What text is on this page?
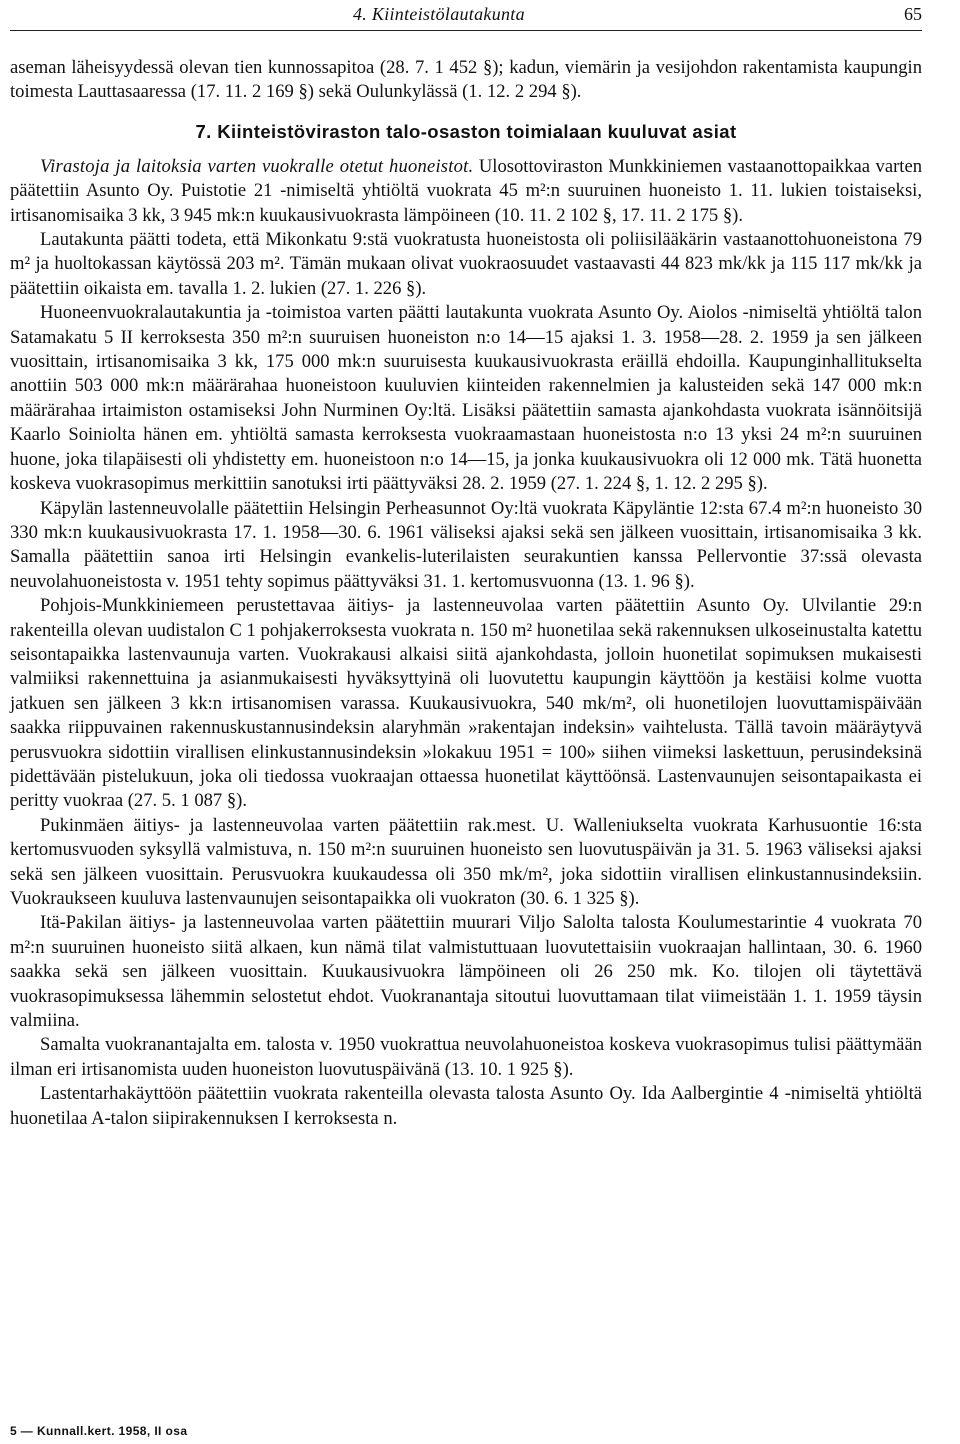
4. Kiinteistölautakunta	65

aseman läheisyydessä olevan tien kunnossapitoa (28. 7. 1 452 §); kadun, viemärin ja vesijohdon rakentamista kaupungin toimesta Lauttasaaressa (17. 11. 2 169 §) sekä Oulunkylässä (1. 12. 2 294 §).

7. Kiinteistöviraston talo-osaston toimialaan kuuluvat asiat

Virastoja ja laitoksia varten vuokralle otetut huoneistot. Ulosottoviraston Munkkiniemen vastaanottopaikkaa varten päätettiin Asunto Oy. Puistotie 21 -nimiseltä yhtiöltä vuokrata 45 m²:n suuruinen huoneisto 1. 11. lukien toistaiseksi, irtisanomisaika 3 kk, 3 945 mk:n kuukausivuokrasta lämpöineen (10. 11. 2 102 §, 17. 11. 2 175 §).

Lautakunta päätti todeta, että Mikonkatu 9:stä vuokratusta huoneistosta oli poliisilääkärin vastaanottohuoneistona 79 m² ja huoltokassan käytössä 203 m². Tämän mukaan olivat vuokraosuudet vastaavasti 44 823 mk/kk ja 115 117 mk/kk ja päätettiin oikaista em. tavalla 1. 2. lukien (27. 1. 226 §).

Huoneenvuokralautakuntia ja -toimistoa varten päätti lautakunta vuokrata Asunto Oy. Aiolos -nimiseltä yhtiöltä talon Satamakatu 5 II kerroksesta 350 m²:n suuruisen huoneiston n:o 14—15 ajaksi 1. 3. 1958—28. 2. 1959 ja sen jälkeen vuosittain, irtisanomisaika 3 kk, 175 000 mk:n suuruisesta kuukausivuokrasta eräillä ehdoilla. Kaupunginhallitukselta anottiin 503 000 mk:n määrärahaa huoneistoon kuuluvien kiinteiden rakennelmien ja kalusteiden sekä 147 000 mk:n määrärahaa irtaimiston ostamiseksi John Nurminen Oy:ltä. Lisäksi päätettiin samasta ajankohdasta vuokrata isännöitsijä Kaarlo Soiniolta hänen em. yhtiöltä samasta kerroksesta vuokraamastaan huoneistosta n:o 13 yksi 24 m²:n suuruinen huone, joka tilapäisesti oli yhdistetty em. huoneistoon n:o 14—15, ja jonka kuukausivuokra oli 12 000 mk. Tätä huonetta koskeva vuokrasopimus merkittiin sanotuksi irti päättyväksi 28. 2. 1959 (27. 1. 224 §, 1. 12. 2 295 §).

Käpylän lastenneuvolalle päätettiin Helsingin Perheasunnot Oy:ltä vuokrata Käpyläntie 12:sta 67.4 m²:n huoneisto 30 330 mk:n kuukausivuokrasta 17. 1. 1958—30. 6. 1961 väliseksi ajaksi sekä sen jälkeen vuosittain, irtisanomisaika 3 kk. Samalla päätettiin sanoa irti Helsingin evankelis-luterilaisten seurakuntien kanssa Pellervontie 37:ssä olevasta neuvolahuoneistosta v. 1951 tehty sopimus päättyväksi 31. 1. kertomusvuonna (13. 1. 96 §).

Pohjois-Munkkiniemeen perustettavaa äitiys- ja lastenneuvolaa varten päätettiin Asunto Oy. Ulvilantie 29:n rakenteilla olevan uudistalon C 1 pohjakerroksesta vuokrata n. 150 m² huonetilaa sekä rakennuksen ulkoseinustalta katettu seisontapaikka lastenvaunuja varten. Vuokrakausi alkaisi siitä ajankohdasta, jolloin huonetilat sopimuksen mukaisesti valmiiksi rakennettuina ja asianmukaisesti hyväksyttyinä oli luovutettu kaupungin käyttöön ja kestäisi kolme vuotta jatkuen sen jälkeen 3 kk:n irtisanomisen varassa. Kuukausivuokra, 540 mk/m², oli huonetilojen luovuttamispäivään saakka riippuvainen rakennuskustannusindeksin alaryhmän »rakentajan indeksin» vaihtelusta. Tällä tavoin määräytyvä perusvuokra sidottiin virallisen elinkustannusindeksin »lokakuu 1951 = 100» siihen viimeksi laskettuun, perusindeksinä pidettävään pistelukuun, joka oli tiedossa vuokraajan ottaessa huonetilat käyttöönsä. Lastenvaunujen seisontapaikasta ei peritty vuokraa (27. 5. 1 087 §).

Pukinmäen äitiys- ja lastenneuvolaa varten päätettiin rak.mest. U. Walleniukselta vuokrata Karhusuontie 16:sta kertomusvuoden syksyllä valmistuva, n. 150 m²:n suuruinen huoneisto sen luovutuspäivän ja 31. 5. 1963 väliseksi ajaksi sekä sen jälkeen vuosittain. Perusvuokra kuukaudessa oli 350 mk/m², joka sidottiin virallisen elinkustannusindeksiin. Vuokraukseen kuuluva lastenvaunujen seisontapaikka oli vuokraton (30. 6. 1 325 §).

Itä-Pakilan äitiys- ja lastenneuvolaa varten päätettiin muurari Viljo Salolta talosta Koulumestarintie 4 vuokrata 70 m²:n suuruinen huoneisto siitä alkaen, kun nämä tilat valmistuttuaan luovutettaisiin vuokraajan hallintaan, 30. 6. 1960 saakka sekä sen jälkeen vuosittain. Kuukausivuokra lämpöineen oli 26 250 mk. Ko. tilojen oli täytettävä vuokrasopimuksessa lähemmin selostetut ehdot. Vuokranantaja sitoutui luovuttamaan tilat viimeistään 1. 1. 1959 täysin valmiina.

Samalta vuokranantajalta em. talosta v. 1950 vuokrattua neuvolahuoneistoa koskeva vuokrasopimus tulisi päättymään ilman eri irtisanomista uuden huoneiston luovutuspäivänä (13. 10. 1 925 §).

Lastentarhakäyttöön päätettiin vuokrata rakenteilla olevasta talosta Asunto Oy. Ida Aalbergintie 4 -nimiseltä yhtiöltä huonetilaa A-talon siipirakennuksen I kerroksesta n.

5 — Kunnall.kert. 1958, II osa
